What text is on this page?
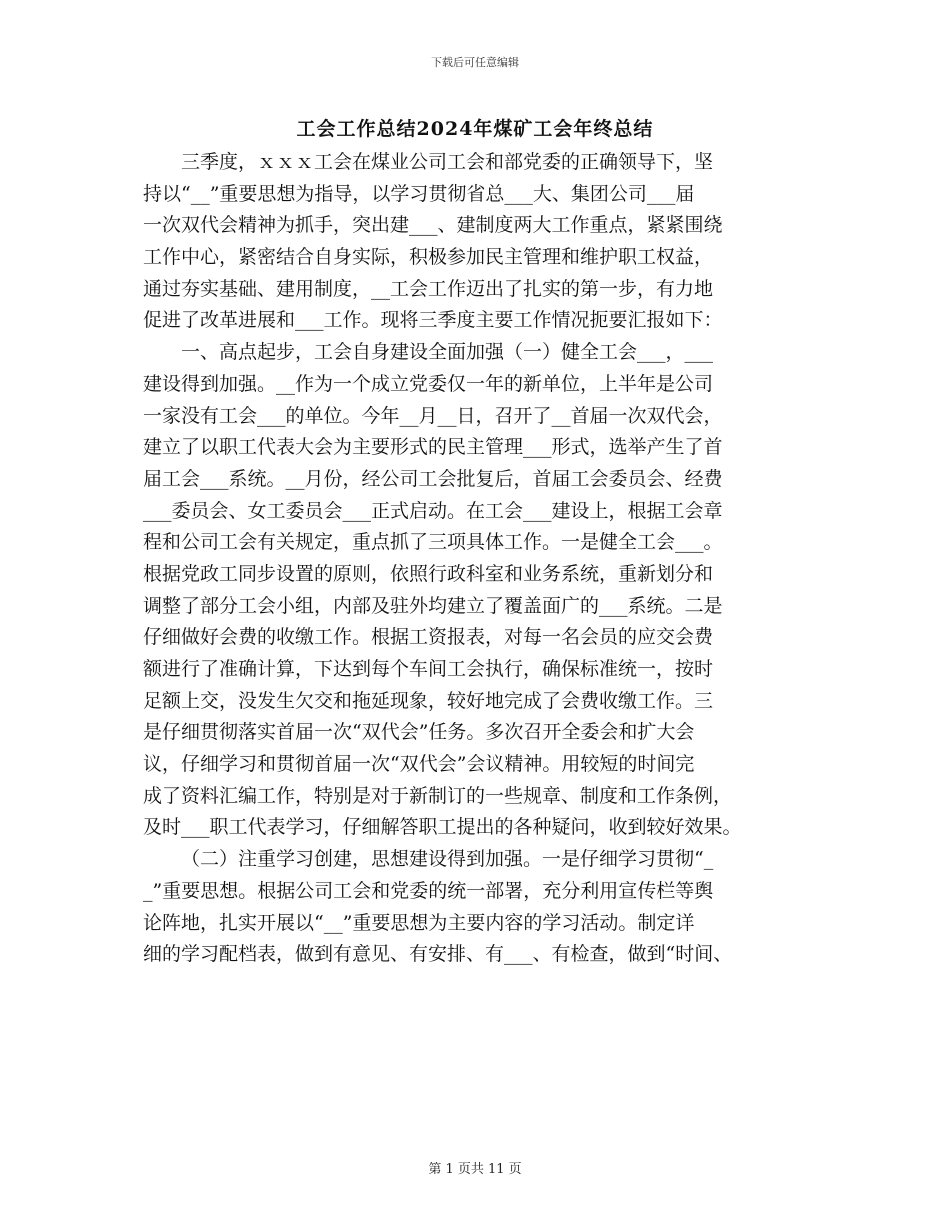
下载后可任意编辑
工会工作总结2024年煤矿工会年终总结
三季度，ｘｘｘ工会在煤业公司工会和部党委的正确领导下，坚
持以“__”重要思想为指导，以学习贯彻省总___大、集团公司___届
一次双代会精神为抓手，突出建___、建制度两大工作重点，紧紧围绕
工作中心，紧密结合自身实际，积极参加民主管理和维护职工权益，
通过夯实基础、建用制度，__工会工作迈出了扎实的第一步，有力地
促进了改革进展和___工作。现将三季度主要工作情况扼要汇报如下：
一、高点起步，工会自身建设全面加强（一）健全工会___，___
建设得到加强。__作为一个成立党委仅一年的新单位，上半年是公司
一家没有工会___的单位。今年__月__日，召开了__首届一次双代会，
建立了以职工代表大会为主要形式的民主管理___形式，选举产生了首
届工会___系统。__月份，经公司工会批复后，首届工会委员会、经费
___委员会、女工委员会___正式启动。在工会___建设上，根据工会章
程和公司工会有关规定，重点抓了三项具体工作。一是健全工会___。
根据党政工同步设置的原则，依照行政科室和业务系统，重新划分和
调整了部分工会小组，内部及驻外均建立了覆盖面广的___系统。二是
仔细做好会费的收缴工作。根据工资报表，对每一名会员的应交会费
额进行了准确计算，下达到每个车间工会执行，确保标准统一，按时
足额上交，没发生欠交和拖延现象，较好地完成了会费收缴工作。三
是仔细贯彻落实首届一次“双代会”任务。多次召开全委会和扩大会
议，仔细学习和贯彻首届一次“双代会”会议精神。用较短的时间完
成了资料汇编工作，特别是对于新制订的一些规章、制度和工作条例，
及时___职工代表学习，仔细解答职工提出的各种疑问，收到较好效果。
（二）注重学习创建，思想建设得到加强。一是仔细学习贯彻“_
_”重要思想。根据公司工会和党委的统一部署，充分利用宣传栏等舆
论阵地，扎实开展以“__”重要思想为主要内容的学习活动。制定详
细的学习配档表，做到有意见、有安排、有___、有检查，做到“时间、
第 1 页共 11 页
